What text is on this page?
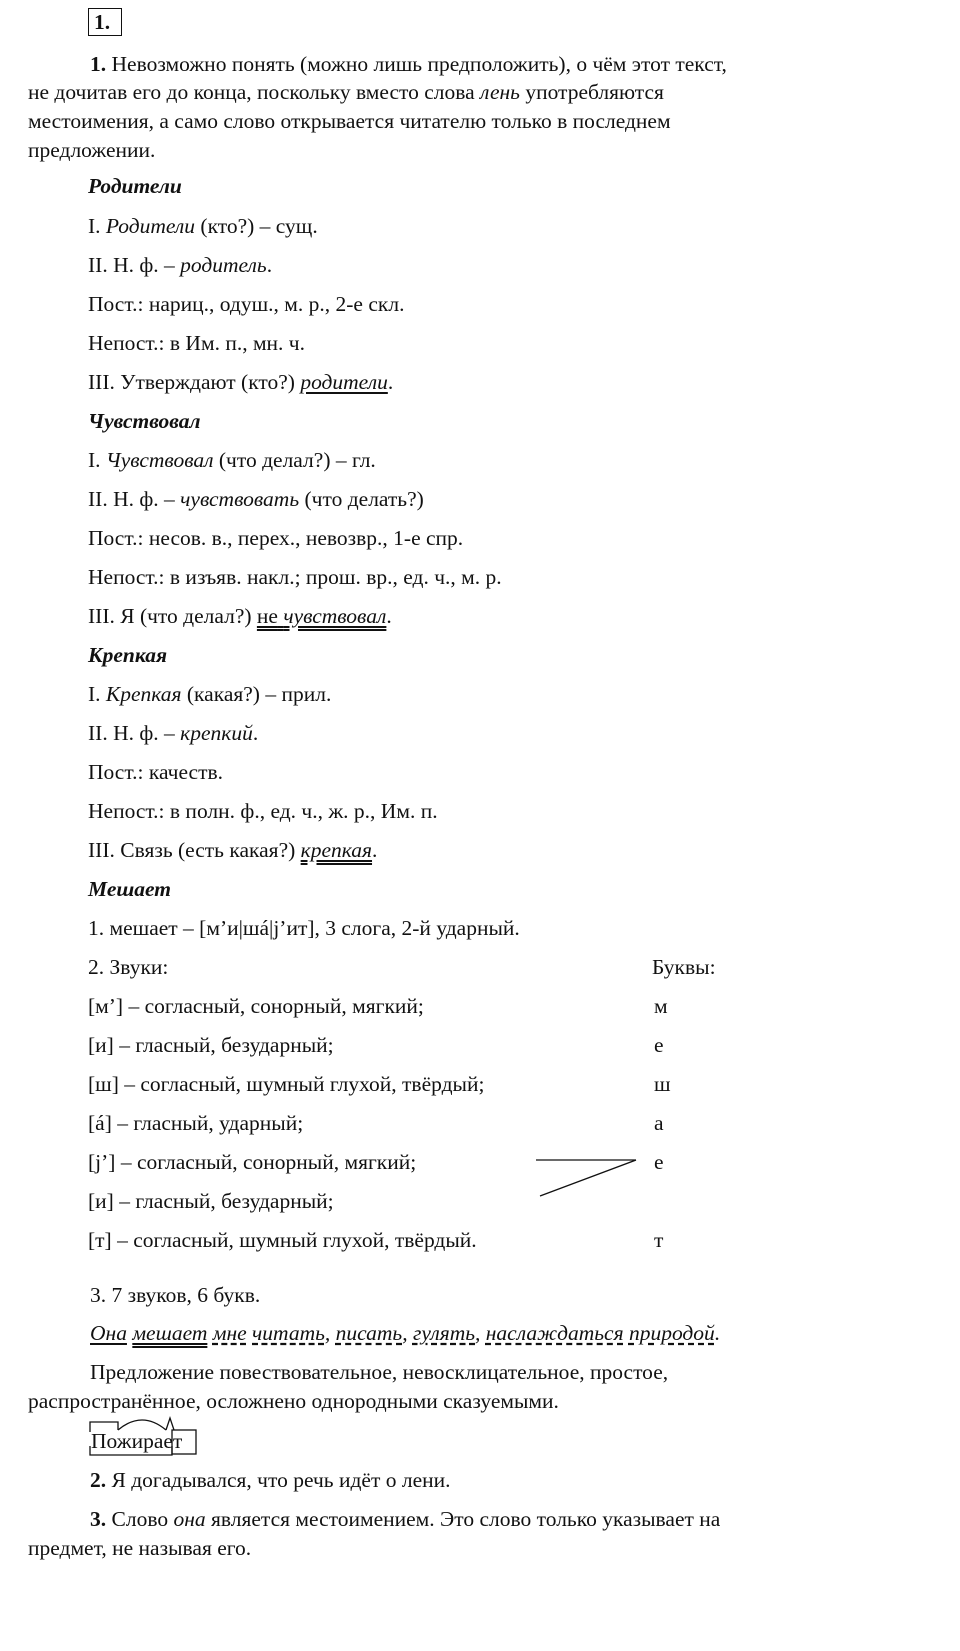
1.
1. Невозможно понять (можно лишь предположить), о чём этот текст,
не дочитав его до конца, поскольку вместо слова лень употребляются
местоимения, а само слово открывается читателю только в последнем
предложении.
Родители
I. Родители (кто?) – сущ.
II. Н. ф. – родитель.
Пост.: нариц., одуш., м. р., 2-е скл.
Непост.: в Им. п., мн. ч.
III. Утверждают (кто?) родители.
Чувствовал
I. Чувствовал (что делал?) – гл.
II. Н. ф. – чувствовать (что делать?)
Пост.: несов. в., перех., невозвр., 1-е спр.
Непост.: в изъяв. накл.; прош. вр., ед. ч., м. р.
III. Я (что делал?) не чувствовал.
Крепкая
I. Крепкая (какая?) – прил.
II. Н. ф. – крепкий.
Пост.: качеств.
Непост.: в полн. ф., ед. ч., ж. р., Им. п.
III. Связь (есть какая?) крепкая.
Мешает
1. мешает – [м’и|шá|j’ит], 3 слога, 2-й ударный.
2. Звуки:	Буквы:
[м’] – согласный, сонорный, мягкий;	м
[и] – гласный, безударный;	е
[ш] – согласный, шумный глухой, твёрдый;	ш
[á] – гласный, ударный;	а
[j’] – согласный, сонорный, мягкий;	е
[и] – гласный, безударный;
[т] – согласный, шумный глухой, твёрдый.	т
3. 7 звуков, 6 букв.
Она мешает мне читать, писать, гулять, наслаждаться природой.
Предложение повествовательное, невосклицательное, простое,
распространённое, осложнено однородными сказуемыми.
Пожирает
2. Я догадывался, что речь идёт о лени.
3. Слово она является местоимением. Это слово только указывает на
предмет, не называя его.
